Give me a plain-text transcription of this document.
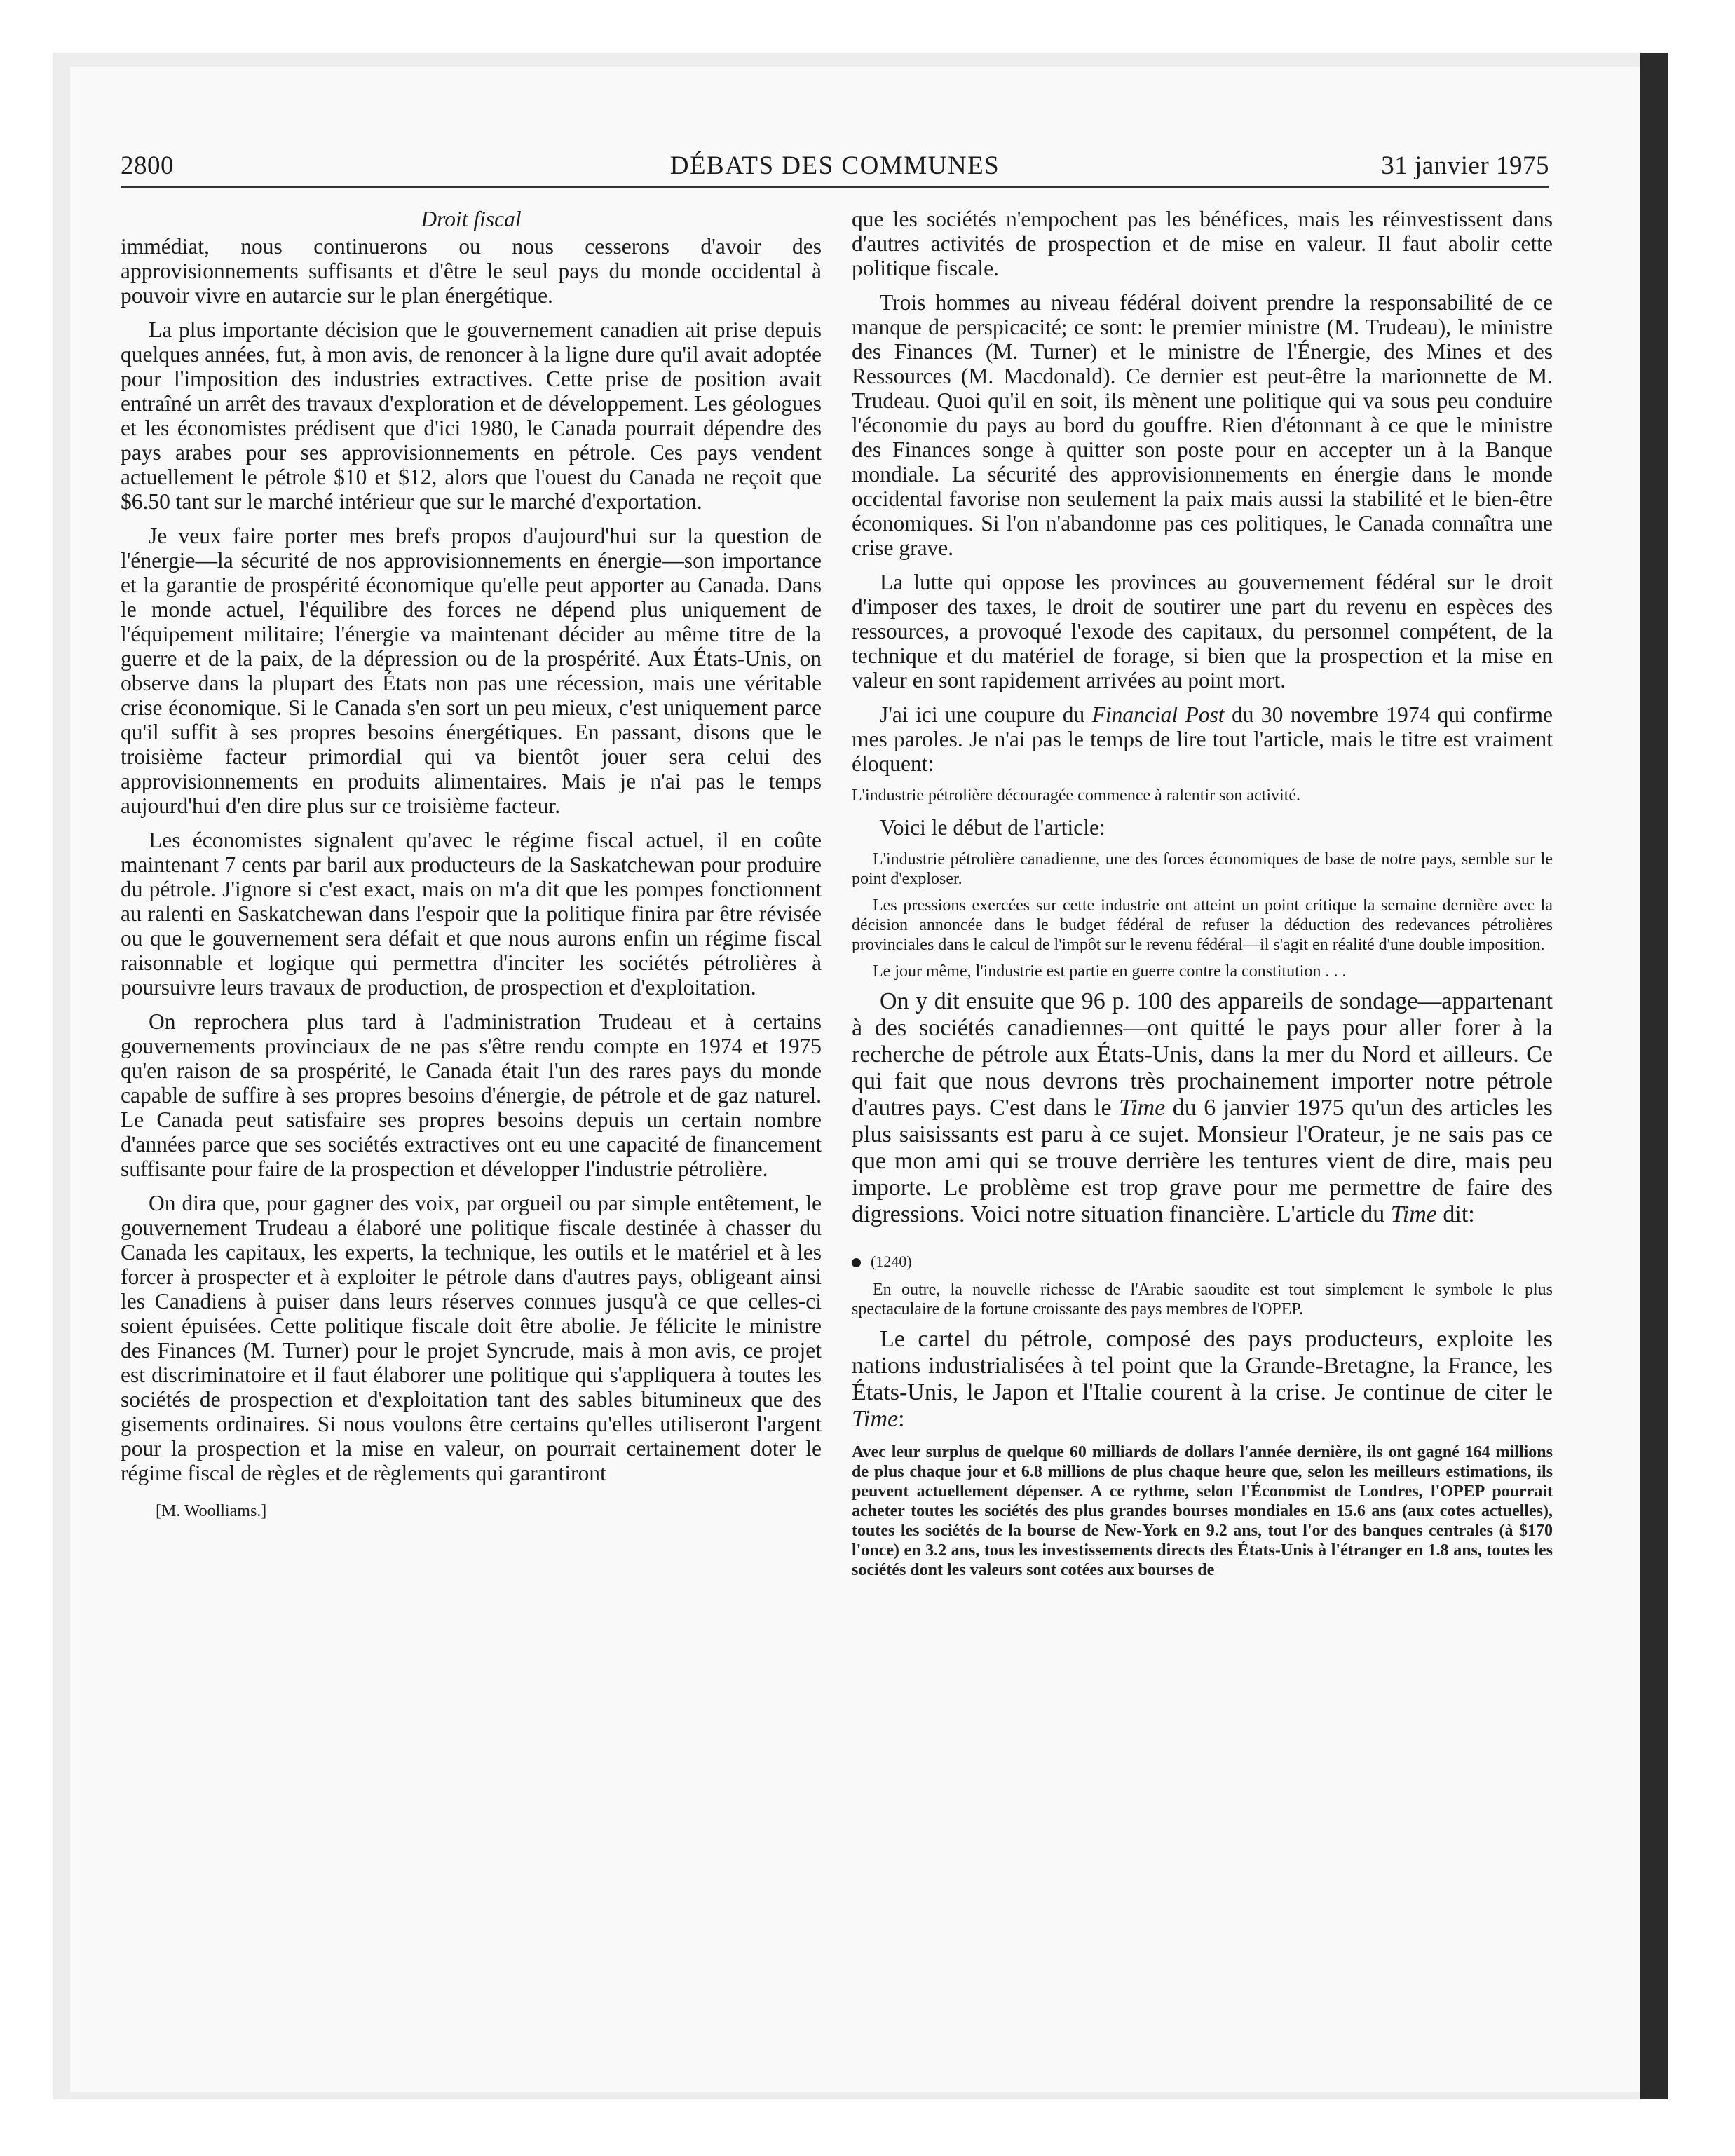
2800	DÉBATS DES COMMUNES	31 janvier 1975
Droit fiscal

immédiat, nous continuerons ou nous cesserons d'avoir des approvisionnements suffisants et d'être le seul pays du monde occidental à pouvoir vivre en autarcie sur le plan énergétique.

La plus importante décision que le gouvernement canadien ait prise depuis quelques années, fut, à mon avis, de renoncer à la ligne dure qu'il avait adoptée pour l'imposition des industries extractives. Cette prise de position avait entraîné un arrêt des travaux d'exploration et de développement. Les géologues et les économistes prédisent que d'ici 1980, le Canada pourrait dépendre des pays arabes pour ses approvisionnements en pétrole. Ces pays vendent actuellement le pétrole $10 et $12, alors que l'ouest du Canada ne reçoit que $6.50 tant sur le marché intérieur que sur le marché d'exportation.

Je veux faire porter mes brefs propos d'aujourd'hui sur la question de l'énergie—la sécurité de nos approvisionnements en énergie—son importance et la garantie de prospérité économique qu'elle peut apporter au Canada. Dans le monde actuel, l'équilibre des forces ne dépend plus uniquement de l'équipement militaire; l'énergie va maintenant décider au même titre de la guerre et de la paix, de la dépression ou de la prospérité. Aux États-Unis, on observe dans la plupart des États non pas une récession, mais une véritable crise économique. Si le Canada s'en sort un peu mieux, c'est uniquement parce qu'il suffit à ses propres besoins énergétiques. En passant, disons que le troisième facteur primordial qui va bientôt jouer sera celui des approvisionnements en produits alimentaires. Mais je n'ai pas le temps aujourd'hui d'en dire plus sur ce troisième facteur.

Les économistes signalent qu'avec le régime fiscal actuel, il en coûte maintenant 7 cents par baril aux producteurs de la Saskatchewan pour produire du pétrole. J'ignore si c'est exact, mais on m'a dit que les pompes fonctionnent au ralenti en Saskatchewan dans l'espoir que la politique finira par être révisée ou que le gouvernement sera défait et que nous aurons enfin un régime fiscal raisonnable et logique qui permettra d'inciter les sociétés pétrolières à poursuivre leurs travaux de production, de prospection et d'exploitation.

On reprochera plus tard à l'administration Trudeau et à certains gouvernements provinciaux de ne pas s'être rendu compte en 1974 et 1975 qu'en raison de sa prospérité, le Canada était l'un des rares pays du monde capable de suffire à ses propres besoins d'énergie, de pétrole et de gaz naturel. Le Canada peut satisfaire ses propres besoins depuis un certain nombre d'années parce que ses sociétés extractives ont eu une capacité de financement suffisante pour faire de la prospection et développer l'industrie pétrolière.

On dira que, pour gagner des voix, par orgueil ou par simple entêtement, le gouvernement Trudeau a élaboré une politique fiscale destinée à chasser du Canada les capitaux, les experts, la technique, les outils et le matériel et à les forcer à prospecter et à exploiter le pétrole dans d'autres pays, obligeant ainsi les Canadiens à puiser dans leurs réserves connues jusqu'à ce que celles-ci soient épuisées. Cette politique fiscale doit être abolie. Je félicite le ministre des Finances (M. Turner) pour le projet Syncrude, mais à mon avis, ce projet est discriminatoire et il faut élaborer une politique qui s'appliquera à toutes les sociétés de prospection et d'exploitation tant des sables bitumineux que des gisements ordinaires. Si nous voulons être certains qu'elles utiliseront l'argent pour la prospection et la mise en valeur, on pourrait certainement doter le régime fiscal de règles et de règlements qui garantiront

[M. Woolliams.]

que les sociétés n'empochent pas les bénéfices, mais les réinvestissent dans d'autres activités de prospection et de mise en valeur. Il faut abolir cette politique fiscale.

Trois hommes au niveau fédéral doivent prendre la responsabilité de ce manque de perspicacité; ce sont: le premier ministre (M. Trudeau), le ministre des Finances (M. Turner) et le ministre de l'Énergie, des Mines et des Ressources (M. Macdonald). Ce dernier est peut-être la marionnette de M. Trudeau. Quoi qu'il en soit, ils mènent une politique qui va sous peu conduire l'économie du pays au bord du gouffre. Rien d'étonnant à ce que le ministre des Finances songe à quitter son poste pour en accepter un à la Banque mondiale. La sécurité des approvisionnements en énergie dans le monde occidental favorise non seulement la paix mais aussi la stabilité et le bien-être économiques. Si l'on n'abandonne pas ces politiques, le Canada connaîtra une crise grave.

La lutte qui oppose les provinces au gouvernement fédéral sur le droit d'imposer des taxes, le droit de soutirer une part du revenu en espèces des ressources, a provoqué l'exode des capitaux, du personnel compétent, de la technique et du matériel de forage, si bien que la prospection et la mise en valeur en sont rapidement arrivées au point mort.

J'ai ici une coupure du Financial Post du 30 novembre 1974 qui confirme mes paroles. Je n'ai pas le temps de lire tout l'article, mais le titre est vraiment éloquent:

L'industrie pétrolière découragée commence à ralentir son activité.

Voici le début de l'article:

L'industrie pétrolière canadienne, une des forces économiques de base de notre pays, semble sur le point d'exploser.
Les pressions exercées sur cette industrie ont atteint un point critique la semaine dernière avec la décision annoncée dans le budget fédéral de refuser la déduction des redevances pétrolières provinciales dans le calcul de l'impôt sur le revenu fédéral—il s'agit en réalité d'une double imposition.
Le jour même, l'industrie est partie en guerre contre la constitution . . .

On y dit ensuite que 96 p. 100 des appareils de sondage—appartenant à des sociétés canadiennes—ont quitté le pays pour aller forer à la recherche de pétrole aux États-Unis, dans la mer du Nord et ailleurs. Ce qui fait que nous devrons très prochainement importer notre pétrole d'autres pays. C'est dans le Time du 6 janvier 1975 qu'un des articles les plus saisissants est paru à ce sujet. Monsieur l'Orateur, je ne sais pas ce que mon ami qui se trouve derrière les tentures vient de dire, mais peu importe. Le problème est trop grave pour me permettre de faire des digressions. Voici notre situation financière. L'article du Time dit:

(1240)
En outre, la nouvelle richesse de l'Arabie saoudite est tout simplement le symbole le plus spectaculaire de la fortune croissante des pays membres de l'OPEP.

Le cartel du pétrole, composé des pays producteurs, exploite les nations industrialisées à tel point que la Grande-Bretagne, la France, les États-Unis, le Japon et l'Italie courent à la crise. Je continue de citer le Time:

Avec leur surplus de quelque 60 milliards de dollars l'année dernière, ils ont gagné 164 millions de plus chaque jour et 6.8 millions de plus chaque heure que, selon les meilleurs estimations, ils peuvent actuellement dépenser. A ce rythme, selon l'Économist de Londres, l'OPEP pourrait acheter toutes les sociétés des plus grandes bourses mondiales en 15.6 ans (aux cotes actuelles), toutes les sociétés de la bourse de New-York en 9.2 ans, tout l'or des banques centrales (à $170 l'once) en 3.2 ans, tous les investissements directs des États-Unis à l'étranger en 1.8 ans, toutes les sociétés dont les valeurs sont cotées aux bourses de
